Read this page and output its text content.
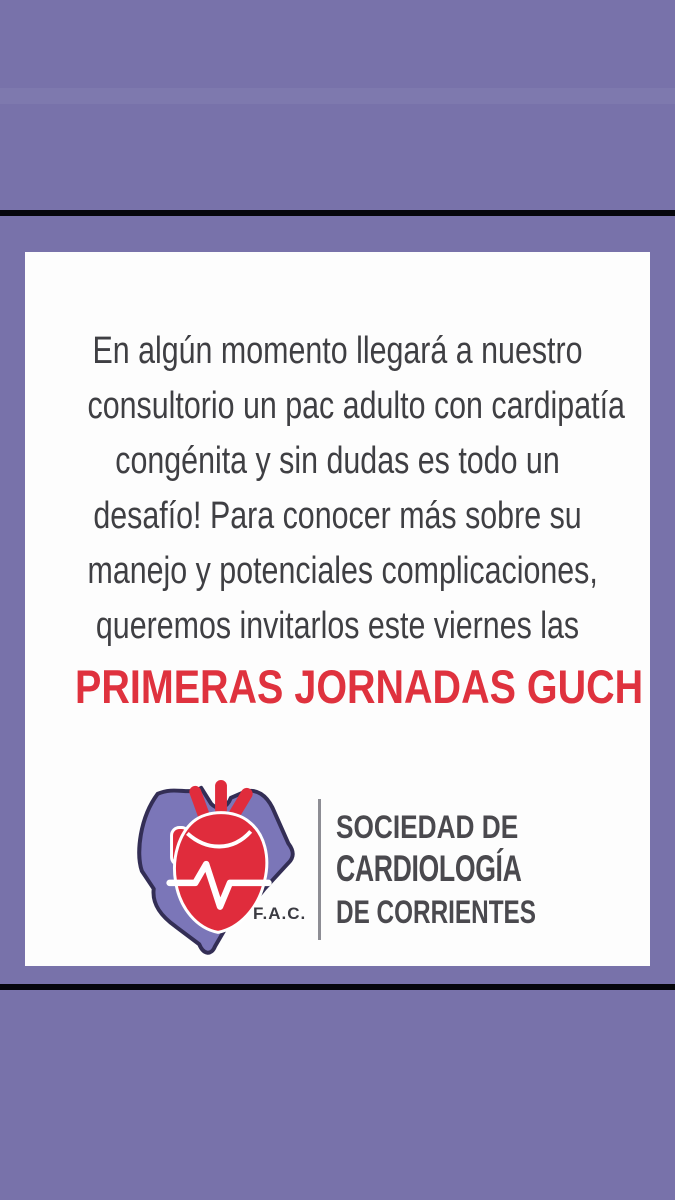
En algún momento llegará a nuestro
consultorio un pac adulto con cardipatía
congénita y sin dudas es todo un
desafío! Para conocer más sobre su
manejo y potenciales complicaciones,
queremos invitarlos este viernes las
PRIMERAS JORNADAS GUCH
F.A.C.
SOCIEDAD DE
CARDIOLOGÍA
DE CORRIENTES
